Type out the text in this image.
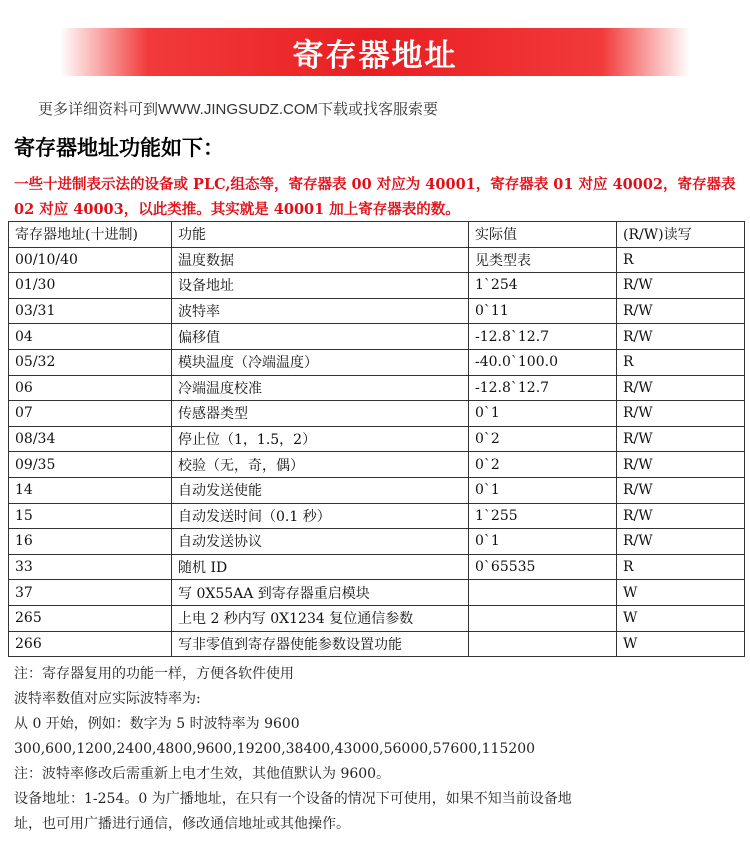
寄存器地址
更多详细资料可到WWW.JINGSUDZ.COM下载或找客服索要
寄存器地址功能如下：
一些十进制表示法的设备或 PLC,组态等，寄存器表 00 对应为 40001，寄存器表 01 对应 40002，寄存器表 02 对应 40003，以此类推。其实就是 40001 加上寄存器表的数。
寄存器地址(十进制)	功能	实际值	(R/W)读写
00/10/40	温度数据	见类型表	R
01/30	设备地址	1`254	R/W
03/31	波特率	0`11	R/W
04	偏移值	-12.8`12.7	R/W
05/32	模块温度（冷端温度）	-40.0`100.0	R
06	冷端温度校准	-12.8`12.7	R/W
07	传感器类型	0`1	R/W
08/34	停止位（1，1.5，2）	0`2	R/W
09/35	校验（无，奇，偶）	0`2	R/W
14	自动发送使能	0`1	R/W
15	自动发送时间（0.1 秒）	1`255	R/W
16	自动发送协议	0`1	R/W
33	随机 ID	0`65535	R
37	写 0X55AA 到寄存器重启模块		W
265	上电 2 秒内写 0X1234 复位通信参数		W
266	写非零值到寄存器使能参数设置功能		W
注：寄存器复用的功能一样，方便各软件使用
波特率数值对应实际波特率为:
从 0 开始，例如：数字为 5 时波特率为 9600
300,600,1200,2400,4800,9600,19200,38400,43000,56000,57600,115200
注：波特率修改后需重新上电才生效，其他值默认为 9600。
设备地址：1-254。0 为广播地址，在只有一个设备的情况下可使用，如果不知当前设备地
址，也可用广播进行通信，修改通信地址或其他操作。
